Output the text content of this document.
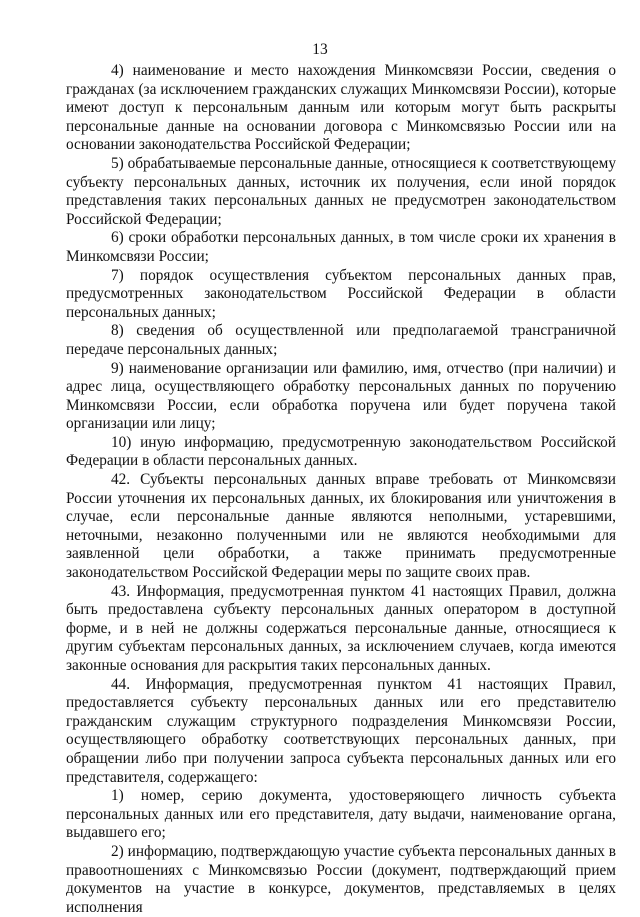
13

4) наименование и место нахождения Минкомсвязи России, сведения о гражданах (за исключением гражданских служащих Минкомсвязи России), которые имеют доступ к персональным данным или которым могут быть раскрыты персональные данные на основании договора с Минкомсвязью России или на основании законодательства Российской Федерации;

5) обрабатываемые персональные данные, относящиеся к соответствующему субъекту персональных данных, источник их получения, если иной порядок представления таких персональных данных не предусмотрен законодательством Российской Федерации;

6) сроки обработки персональных данных, в том числе сроки их хранения в Минкомсвязи России;

7) порядок осуществления субъектом персональных данных прав, предусмотренных законодательством Российской Федерации в области персональных данных;

8) сведения об осуществленной или предполагаемой трансграничной передаче персональных данных;

9) наименование организации или фамилию, имя, отчество (при наличии) и адрес лица, осуществляющего обработку персональных данных по поручению Минкомсвязи России, если обработка поручена или будет поручена такой организации или лицу;

10) иную информацию, предусмотренную законодательством Российской Федерации в области персональных данных.

42. Субъекты персональных данных вправе требовать от Минкомсвязи России уточнения их персональных данных, их блокирования или уничтожения в случае, если персональные данные являются неполными, устаревшими, неточными, незаконно полученными или не являются необходимыми для заявленной цели обработки, а также принимать предусмотренные законодательством Российской Федерации меры по защите своих прав.

43. Информация, предусмотренная пунктом 41 настоящих Правил, должна быть предоставлена субъекту персональных данных оператором в доступной форме, и в ней не должны содержаться персональные данные, относящиеся к другим субъектам персональных данных, за исключением случаев, когда имеются законные основания для раскрытия таких персональных данных.

44. Информация, предусмотренная пунктом 41 настоящих Правил, предоставляется субъекту персональных данных или его представителю гражданским служащим структурного подразделения Минкомсвязи России, осуществляющего обработку соответствующих персональных данных, при обращении либо при получении запроса субъекта персональных данных или его представителя, содержащего:

1) номер, серию документа, удостоверяющего личность субъекта персональных данных или его представителя, дату выдачи, наименование органа, выдавшего его;

2) информацию, подтверждающую участие субъекта персональных данных в правоотношениях с Минкомсвязью России (документ, подтверждающий прием документов на участие в конкурсе, документов, представляемых в целях исполнения
